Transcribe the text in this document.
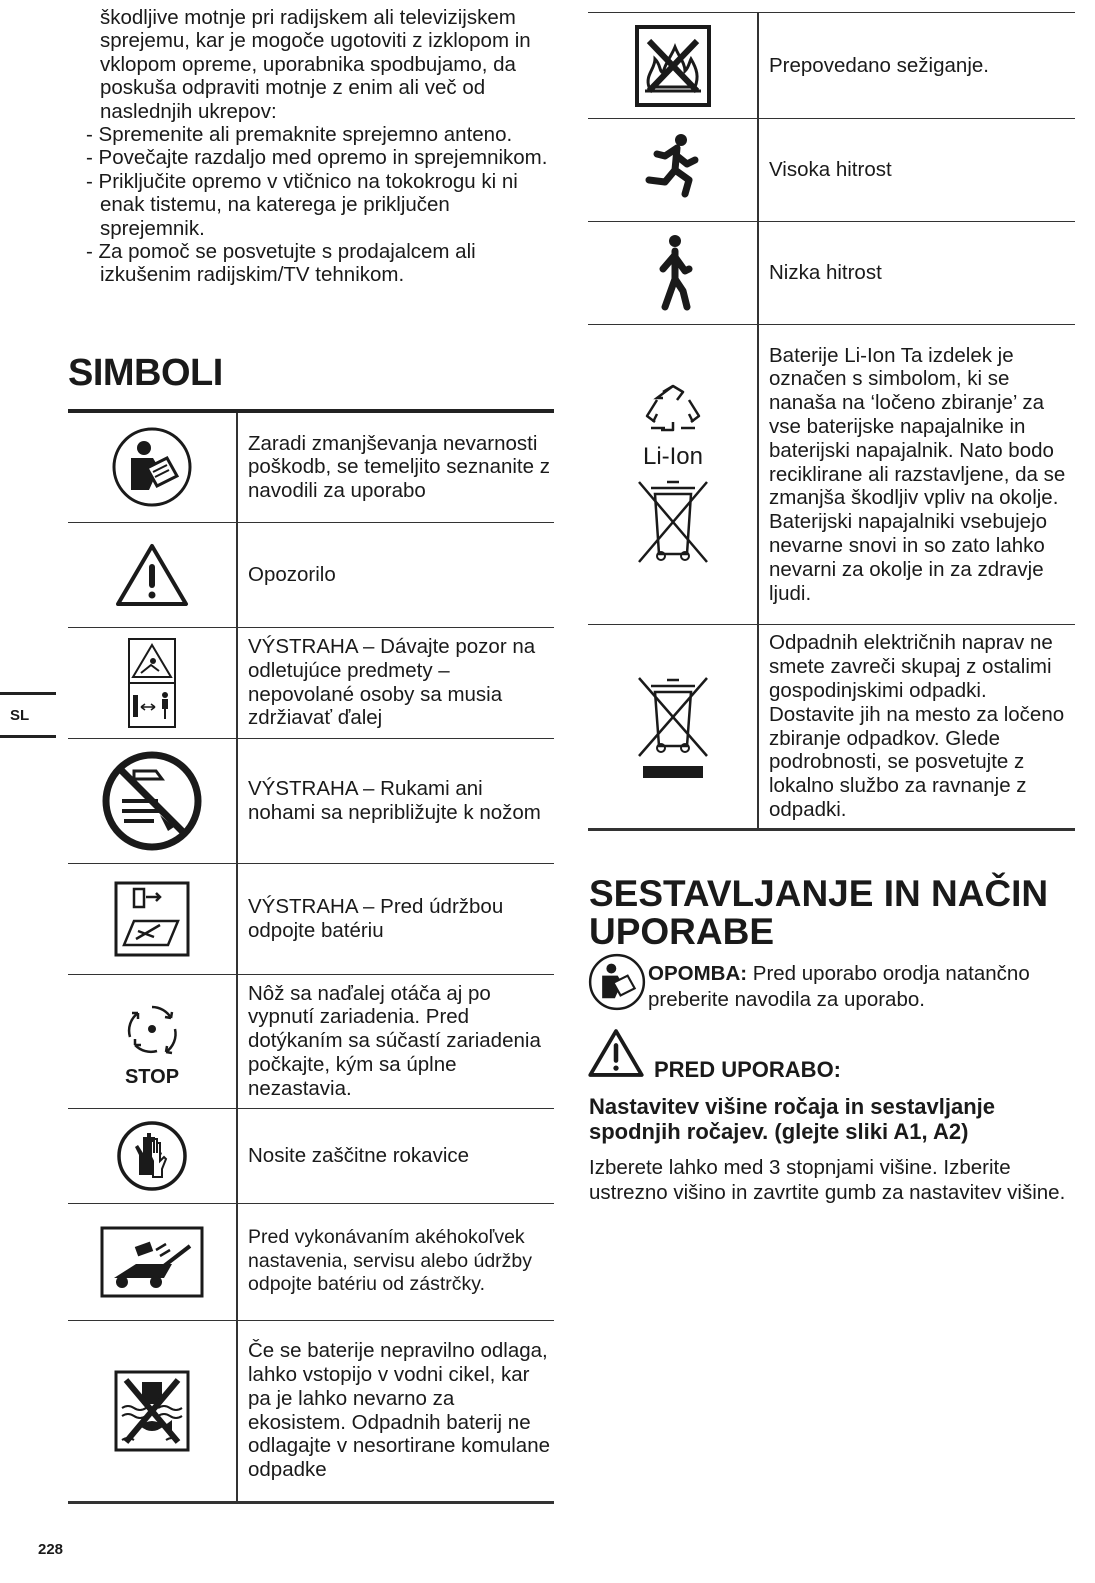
škodljive motnje pri radijskem ali televizijskem sprejemu, kar je mogoče ugotoviti z izklopom in vklopom opreme, uporabnika spodbujamo, da poskuša odpraviti motnje z enim ali več od naslednjih ukrepov:

- Spremenite ali premaknite sprejemno anteno.
- Povečajte razdaljo med opremo in sprejemnikom.
- Priključite opremo v vtičnico na tokokrogu ki ni enak tistemu, na katerega je priključen sprejemnik.
- Za pomoč se posvetujte s prodajalcem ali izkušenim radijskim/TV tehnikom.
SIMBOLI
	Zaradi zmanjševanja nevarnosti poškodb, se temeljito seznanite z navodili za uporabo

	Opozorilo

	VÝSTRAHA – Dávajte pozor na odletujúce predmety – nepovolané osoby sa musia zdržiavať ďalej

	VÝSTRAHA – Rukami ani nohami sa nepribližujte k nožom

	VÝSTRAHA – Pred údržbou odpojte batériu

STOP	Nôž sa naďalej otáča aj po vypnutí zariadenia. Pred dotýkaním sa súčastí zariadenia počkajte, kým sa úplne nezastavia.

	Nosite zaščitne rokavice

	Pred vykonávaním akéhokoľvek nastavenia, servisu alebo údržby odpojte batériu od zástrčky.

	Če se baterije nepravilno odlaga, lahko vstopijo v vodni cikel, kar pa je lahko nevarno za ekosistem. Odpadnih baterij ne odlagajte v nesortirane komulane odpadke
	Prepovedano sežiganje.

	Visoka hitrost

	Nizka hitrost

Li-Ion	Baterije Li-Ion Ta izdelek je označen s simbolom, ki se nanaša na ‘ločeno zbiranje’ za vse baterijske napajalnike in baterijski napajalnik. Nato bodo reciklirane ali razstavljene, da se zmanjša škodljiv vpliv na okolje. Baterijski napajalniki vsebujejo nevarne snovi in so zato lahko nevarni za okolje in za zdravje ljudi.

	Odpadnih električnih naprav ne smete zavreči skupaj z ostalimi gospodinjskimi odpadki. Dostavite jih na mesto za ločeno zbiranje odpadkov. Glede podrobnosti, se posvetujte z lokalno službo za ravnanje z odpadki.
SL
SESTAVLJANJE IN NAČIN UPORABE
OPOMBA: Pred uporabo orodja natančno preberite navodila za uporabo.
PRED UPORABO:
Nastavitev višine ročaja in sestavljanje spodnjih ročajev. (glejte sliki A1, A2)

Izberete lahko med 3 stopnjami višine. Izberite ustrezno višino in zavrtite gumb za nastavitev višine.

228
